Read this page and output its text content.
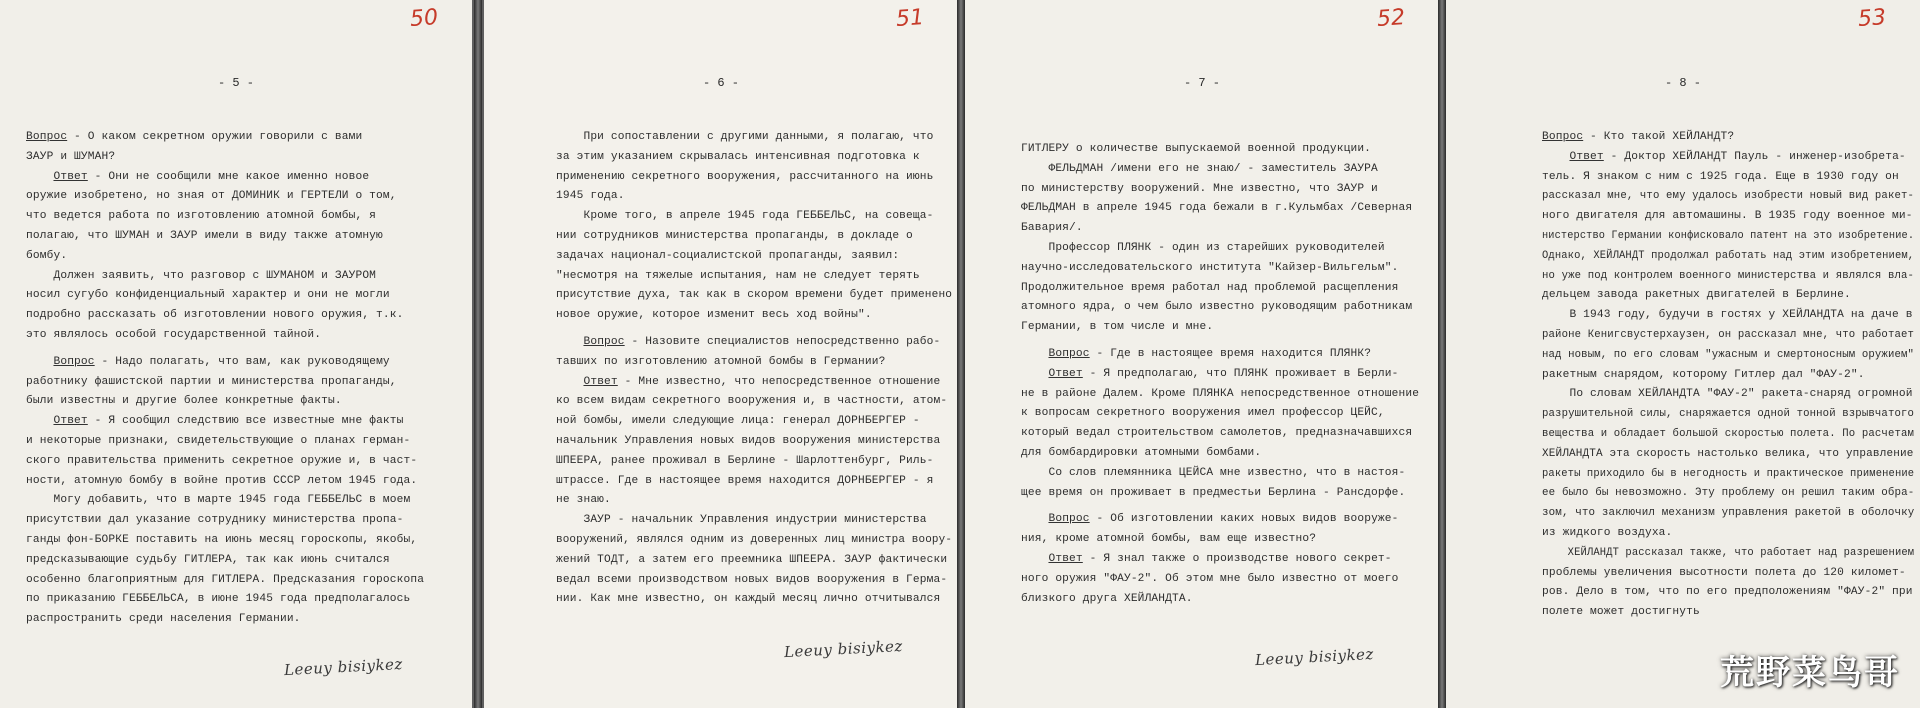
50
- 5 -
Вопрос - О каком секретном оружии говорили с вами
ЗАУР и ШУМАН?
Ответ - Они не сообщили мне какое именно новое
оружие изобретено, но зная от ДОМИНИК и ГЕРТЕЛИ о том,
что ведется работа по изготовлению атомной бомбы, я
полагаю, что ШУМАН и ЗАУР имели в виду также атомную
бомбу.
Должен заявить, что разговор с ШУМАНОМ и ЗАУРОМ
носил сугубо конфиденциальный характер и они не могли
подробно рассказать об изготовлении нового оружия, т.к.
это являлось особой государственной тайной.
Вопрос - Надо полагать, что вам, как руководящему
работнику фашистской партии и министерства пропаганды,
были известны и другие более конкретные факты.
Ответ - Я сообщил следствию все известные мне факты
и некоторые признаки, свидетельствующие о планах герман-
ского правительства применить секретное оружие и, в част-
ности, атомную бомбу в войне против СССР летом 1945 года.
Могу добавить, что в марте 1945 года ГЕББЕЛЬС в моем
присутствии дал указание сотруднику министерства пропа-
ганды фон-БОРКЕ поставить на июнь месяц гороскопы, якобы,
предсказывающие судьбу ГИТЛЕРА, так как июнь считался
особенно благоприятным для ГИТЛЕРА. Предсказания гороскопа
по приказанию ГЕББЕЛЬСА, в июне 1945 года предполагалось
распространить среди населения Германии.
Leeuy bisiykez
51
- 6 -
При сопоставлении с другими данными, я полагаю, что
за этим указанием скрывалась интенсивная подготовка к
применению секретного вооружения, рассчитанного на июнь
1945 года.
Кроме того, в апреле 1945 года ГЕББЕЛЬС, на совеща-
нии сотрудников министерства пропаганды, в докладе о
задачах национал-социалистской пропаганды, заявил:
"несмотря на тяжелые испытания, нам не следует терять
присутствие духа, так как в скором времени будет применено
новое оружие, которое изменит весь ход войны".
Вопрос - Назовите специалистов непосредственно рабо-
тавших по изготовлению атомной бомбы в Германии?
Ответ - Мне известно, что непосредственное отношение
ко всем видам секретного вооружения и, в частности, атом-
ной бомбы, имели следующие лица: генерал ДОРНБЕРГЕР -
начальник Управления новых видов вооружения министерства
ШПЕЕРА, ранее проживал в Берлине - Шарлоттенбург, Риль-
штрассе. Где в настоящее время находится ДОРНБЕРГЕР - я
не знаю.
ЗАУР - начальник Управления индустрии министерства
вооружений, являлся одним из доверенных лиц министра воору-
жений ТОДТ, а затем его преемника ШПЕЕРА. ЗАУР фактически
ведал всеми производством новых видов вооружения в Герма-
нии. Как мне известно, он каждый месяц лично отчитывался
Leeuy bisiykez
52
- 7 -
ГИТЛЕРУ о количестве выпускаемой военной продукции.
ФЕЛЬДМАН /имени его не знаю/ - заместитель ЗАУРА
по министерству вооружений. Мне известно, что ЗАУР и
ФЕЛЬДМАН в апреле 1945 года бежали в г.Кульмбах /Северная
Бавария/.
Профессор ПЛЯНК - один из старейших руководителей
научно-исследовательского института "Кайзер-Вильгельм".
Продолжительное время работал над проблемой расщепления
атомного ядра, о чем было известно руководящим работникам
Германии, в том числе и мне.
Вопрос - Где в настоящее время находится ПЛЯНК?
Ответ - Я предполагаю, что ПЛЯНК проживает в Берли-
не в районе Далем. Кроме ПЛЯНКА непосредственное отношение
к вопросам секретного вооружения имел профессор ЦЕЙС,
который ведал строительством самолетов, предназначавшихся
для бомбардировки атомными бомбами.
Со слов племянника ЦЕЙСА мне известно, что в настоя-
щее время он проживает в предместьи Берлина - Рансдорфе.
Вопрос - Об изготовлении каких новых видов вооруже-
ния, кроме атомной бомбы, вам еще известно?
Ответ - Я знал также о производстве нового секрет-
ного оружия "ФАУ-2". Об этом мне было известно от моего
близкого друга ХЕЙЛАНДТА.
Leeuy bisiykez
53
- 8 -
Вопрос - Кто такой ХЕЙЛАНДТ?
Ответ - Доктор ХЕЙЛАНДТ Пауль - инженер-изобрета-
тель. Я знаком с ним с 1925 года. Еще в 1930 году он
рассказал мне, что ему удалось изобрести новый вид ракет-
ного двигателя для автомашины. В 1935 году военное ми-
нистерство Германии конфисковало патент на это изобретение.
Однако, ХЕЙЛАНДТ продолжал работать над этим изобретением,
но уже под контролем военного министерства и являлся вла-
дельцем завода ракетных двигателей в Берлине.
В 1943 году, будучи в гостях у ХЕЙЛАНДТА на даче в
районе Кенигсвустерхаузен, он рассказал мне, что работает
над новым, по его словам "ужасным и смертоносным оружием"
ракетным снарядом, которому Гитлер дал "ФАУ-2".
По словам ХЕЙЛАНДТА "ФАУ-2" ракета-снаряд огромной
разрушительной силы, снаряжается одной тонной взрывчатого
вещества и обладает большой скоростью полета. По расчетам
ХЕЙЛАНДТА эта скорость настолько велика, что управление
ракеты приходило бы в негодность и практическое применение
ее было бы невозможно. Эту проблему он решил таким обра-
зом, что заключил механизм управления ракетой в оболочку
из жидкого воздуха.
ХЕЙЛАНДТ рассказал также, что работает над разрешением
проблемы увеличения высотности полета до 120 километ-
ров. Дело в том, что по его предположениям "ФАУ-2" при
полете может достигнуть
荒野菜鸟哥
